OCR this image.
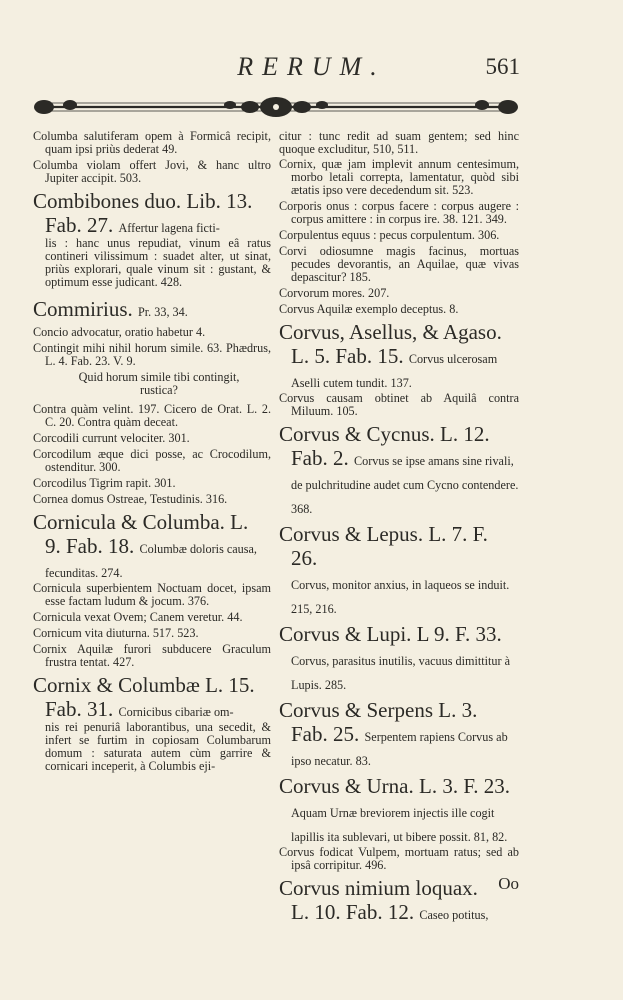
RERUM.	561
Columba salutiferam opem à Formicâ recipit, quam ipsi priùs dederat 49.
Columba violam offert Jovi, & hanc ultro Jupiter accipit. 503.
Combibones duo. Lib. 13.
Fab. 27. Affertur lagena ficti-
lis : hanc unus repudiat, vinum eâ ratus contineri vilissimum : suadet alter, ut sinat, priùs explorari, quale vinum sit : gustant, & optimum esse judicant. 428.
Commirius. Pr. 33, 34.
Concio advocatur, oratio habetur 4.
Contingit mihi nihil horum simile. 63. Phædrus, L. 4. Fab. 23. V. 9.
Quid horum simile tibi contingit, rustica?
Contra quàm velint. 197. Cicero de Orat. L. 2. C. 20. Contra quàm deceat.
Corcodili currunt velociter. 301.
Corcodilum æque dici posse, ac Crocodilum, ostenditur. 300.
Corcodilus Tigrim rapit. 301.
Cornea domus Ostreae, Testudinis. 316.
Cornicula & Columba. L.
9. Fab. 18. Columbæ doloris causa, fecunditas. 274.
Cornicula superbientem Noctuam docet, ipsam esse factam ludum & jocum. 376.
Cornicula vexat Ovem; Canem veretur. 44.
Cornicum vita diuturna. 517. 523.
Cornix Aquilæ furori subducere Graculum frustra tentat. 427.
Cornix & Columbæ L. 15.
Fab. 31. Cornicibus cibariæ om-
nis rei penuriâ laborantibus, una secedit, & infert se furtim in copiosam Columbarum domum : saturata autem cùm garrire & cornicari inceperit, à Columbis eji-
citur : tunc redit ad suam gentem; sed hinc quoque excluditur, 510, 511.
Cornix, quæ jam implevit annum centesimum, morbo letali correpta, lamentatur, quòd sibi ætatis ipso vere decedendum sit. 523.
Corporis onus : corpus facere : corpus augere : corpus amittere : in corpus ire. 38. 121. 349.
Corpulentus equus : pecus corpulentum. 306.
Corvi odiosumne magis facinus, mortuas pecudes devorantis, an Aquilae, quæ vivas depascitur? 185.
Corvorum mores. 207.
Corvus Aquilæ exemplo deceptus. 8.
Corvus, Asellus, & Agaso.
L. 5. Fab. 15. Corvus ulcerosam Aselli cutem tundit. 137.
Corvus causam obtinet ab Aquilâ contra Miluum. 105.
Corvus & Cycnus. L. 12.
Fab. 2. Corvus se ipse amans sine rivali, de pulchritudine audet cum Cycno contendere. 368.
Corvus & Lepus. L. 7. F. 26.
Corvus, monitor anxius, in laqueos se induit. 215, 216.
Corvus & Lupi. L 9. F. 33.
Corvus, parasitus inutilis, vacuus dimittitur à Lupis. 285.
Corvus & Serpens L. 3.
Fab. 25. Serpentem rapiens Corvus ab ipso necatur. 83.
Corvus & Urna. L. 3. F. 23.
Aquam Urnæ breviorem injectis ille cogit lapillis ita sublevari, ut bibere possit. 81, 82.
Corvus fodicat Vulpem, mortuam ratus; sed ab ipsâ corripitur. 496.
Corvus nimium loquax.
L. 10. Fab. 12. Caseo potitus,
Oo
